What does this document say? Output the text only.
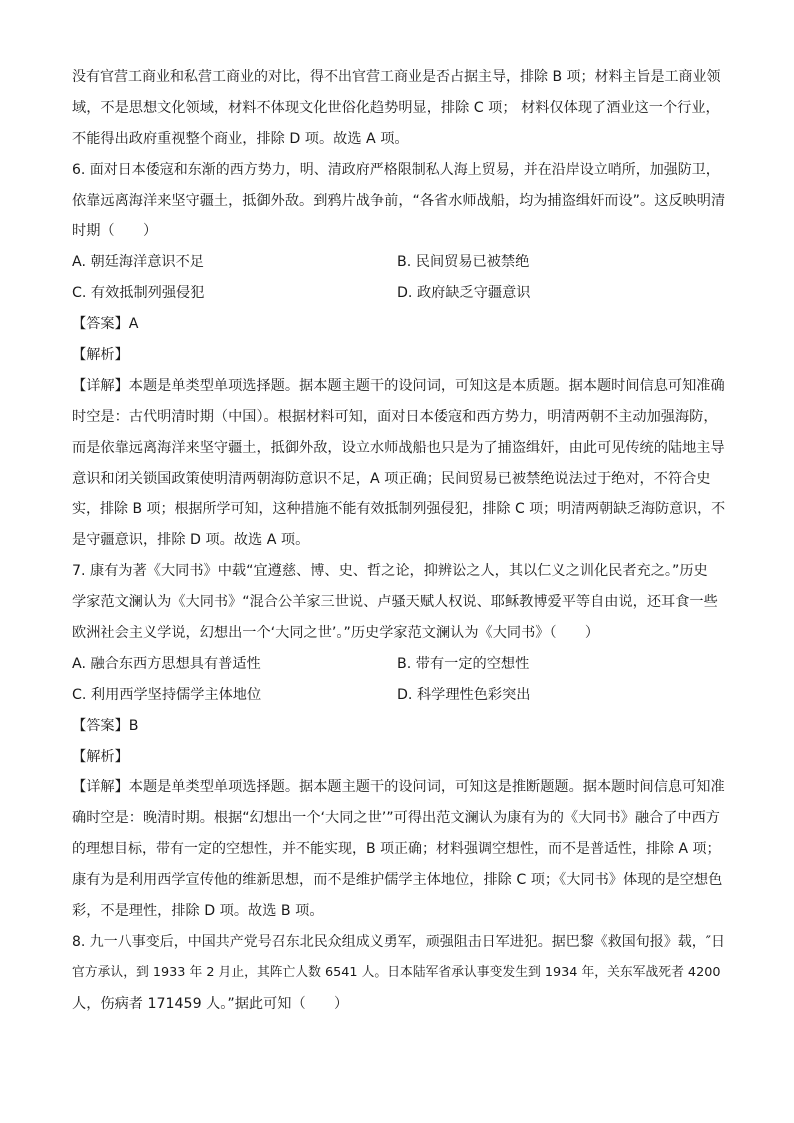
没有官营工商业和私营工商业的对比，得不出官营工商业是否占据主导，排除 B 项；材料主旨是工商业领
域，不是思想文化领域，材料不体现文化世俗化趋势明显，排除 C 项； 材料仅体现了酒业这一个行业，
不能得出政府重视整个商业，排除 D 项。故选 A 项。
6. 面对日本倭寇和东渐的西方势力，明、清政府严格限制私人海上贸易，并在沿岸设立哨所，加强防卫，
依靠远离海洋来坚守疆土，抵御外敌。到鸦片战争前，“各省水师战船，均为捕盗缉奸而设”。这反映明清
时期（　　）
A. 朝廷海洋意识不足	B. 民间贸易已被禁绝
C. 有效抵制列强侵犯	D. 政府缺乏守疆意识
【答案】A
【解析】
【详解】本题是单类型单项选择题。据本题主题干的设问词，可知这是本质题。据本题时间信息可知准确
时空是：古代明清时期（中国）。根据材料可知，面对日本倭寇和西方势力，明清两朝不主动加强海防，
而是依靠远离海洋来坚守疆土，抵御外敌，设立水师战船也只是为了捕盗缉奸，由此可见传统的陆地主导
意识和闭关锁国政策使明清两朝海防意识不足，A 项正确；民间贸易已被禁绝说法过于绝对，不符合史
实，排除 B 项；根据所学可知，这种措施不能有效抵制列强侵犯，排除 C 项；明清两朝缺乏海防意识，不
是守疆意识，排除 D 项。故选 A 项。
7. 康有为著《大同书》中载“宜遵慈、博、史、哲之论，抑辨讼之人，其以仁义之训化民者充之。”历史
学家范文澜认为《大同书》“混合公羊家三世说、卢骚天赋人权说、耶稣教博爱平等自由说，还耳食一些
欧洲社会主义学说，幻想出一个‘大同之世’。”历史学家范文澜认为《大同书》（　　）
A. 融合东西方思想具有普适性	B. 带有一定的空想性
C. 利用西学坚持儒学主体地位	D. 科学理性色彩突出
【答案】B
【解析】
【详解】本题是单类型单项选择题。据本题主题干的设问词，可知这是推断题题。据本题时间信息可知准
确时空是：晚清时期。根据“幻想出一个‘大同之世’”可得出范文澜认为康有为的《大同书》融合了中西方
的理想目标，带有一定的空想性，并不能实现，B 项正确；材料强调空想性，而不是普适性，排除 A 项；
康有为是利用西学宣传他的维新思想，而不是维护儒学主体地位，排除 C 项；《大同书》体现的是空想色
彩，不是理性，排除 D 项。故选 B 项。
8. 九一八事变后，中国共产党号召东北民众组成义勇军，顽强阻击日军进犯。据巴黎《救国旬报》载，″日
官方承认，到 1933 年 2 月止，其阵亡人数 6541 人。日本陆军省承认事变发生到 1934 年，关东军战死者 4200
人，伤病者 171459 人。”据此可知（　　）
